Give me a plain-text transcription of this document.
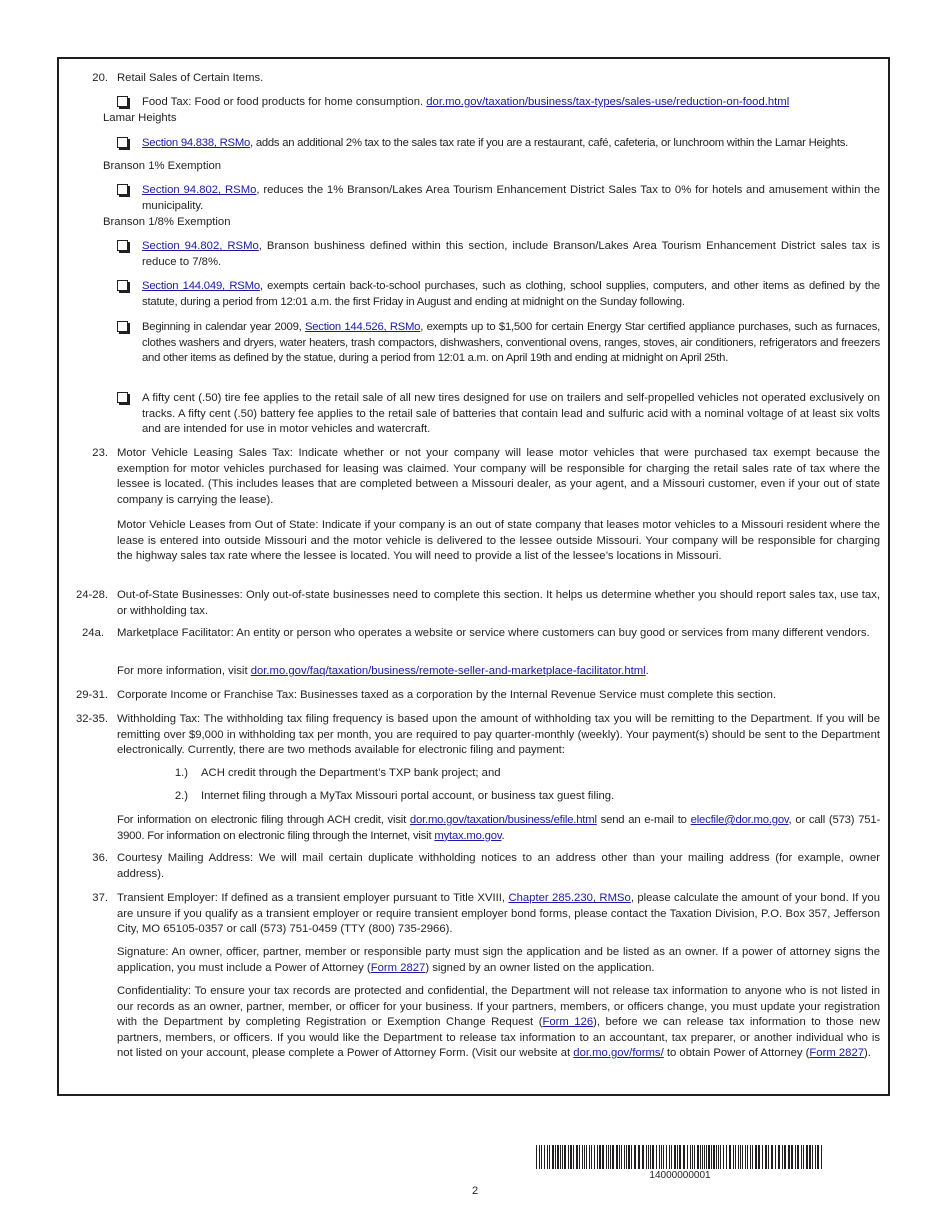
20. Retail Sales of Certain Items.
Food Tax: Food or food products for home consumption. dor.mo.gov/taxation/business/tax-types/sales-use/reduction-on-food.html
Lamar Heights
Section 94.838, RSMo, adds an additional 2% tax to the sales tax rate if you are a restaurant, café, cafeteria, or lunchroom within the Lamar Heights.
Branson 1% Exemption
Section 94.802, RSMo, reduces the 1% Branson/Lakes Area Tourism Enhancement District Sales Tax to 0% for hotels and amusement within the municipality.
Branson 1/8% Exemption
Section 94.802, RSMo, Branson bushiness defined within this section, include Branson/Lakes Area Tourism Enhancement District sales tax is reduce to 7/8%.
Section 144.049, RSMo, exempts certain back-to-school purchases, such as clothing, school supplies, computers, and other items as defined by the statute, during a period from 12:01 a.m. the first Friday in August and ending at midnight on the Sunday following.
Beginning in calendar year 2009, Section 144.526, RSMo, exempts up to $1,500 for certain Energy Star certified appliance purchases, such as furnaces, clothes washers and dryers, water heaters, trash compactors, dishwashers, conventional ovens, ranges, stoves, air conditioners, refrigerators and freezers and other items as defined by the statue, during a period from 12:01 a.m. on April 19th and ending at midnight on April 25th.
A fifty cent (.50) tire fee applies to the retail sale of all new tires designed for use on trailers and self-propelled vehicles not operated exclusively on tracks. A fifty cent (.50) battery fee applies to the retail sale of batteries that contain lead and sulfuric acid with a nominal voltage of at least six volts and are intended for use in motor vehicles and watercraft.
23. Motor Vehicle Leasing Sales Tax: Indicate whether or not your company will lease motor vehicles that were purchased tax exempt because the exemption for motor vehicles purchased for leasing was claimed. Your company will be responsible for charging the retail sales rate of tax where the lessee is located. (This includes leases that are completed between a Missouri dealer, as your agent, and a Missouri customer, even if your out of state company is carrying the lease).
Motor Vehicle Leases from Out of State: Indicate if your company is an out of state company that leases motor vehicles to a Missouri resident where the lease is entered into outside Missouri and the motor vehicle is delivered to the lessee outside Missouri. Your company will be responsible for charging the highway sales tax rate where the lessee is located. You will need to provide a list of the lessee’s locations in Missouri.
24-28. Out-of-State Businesses: Only out-of-state businesses need to complete this section. It helps us determine whether you should report sales tax, use tax, or withholding tax.
24a. Marketplace Facilitator: An entity or person who operates a website or service where customers can buy good or services from many different vendors.
For more information, visit dor.mo.gov/faq/taxation/business/remote-seller-and-marketplace-facilitator.html.
29-31. Corporate Income or Franchise Tax: Businesses taxed as a corporation by the Internal Revenue Service must complete this section.
32-35. Withholding Tax: The withholding tax filing frequency is based upon the amount of withholding tax you will be remitting to the Department. If you will be remitting over $9,000 in withholding tax per month, you are required to pay quarter-monthly (weekly). Your payment(s) should be sent to the Department electronically. Currently, there are two methods available for electronic filing and payment:
1.) ACH credit through the Department’s TXP bank project; and
2.) Internet filing through a MyTax Missouri portal account, or business tax guest filing.
For information on electronic filing through ACH credit, visit dor.mo.gov/taxation/business/efile.html send an e-mail to elecfile@dor.mo.gov, or call (573) 751-3900. For information on electronic filing through the Internet, visit mytax.mo.gov.
36. Courtesy Mailing Address: We will mail certain duplicate withholding notices to an address other than your mailing address (for example, owner address).
37. Transient Employer: If defined as a transient employer pursuant to Title XVIII, Chapter 285.230, RMSo, please calculate the amount of your bond. If you are unsure if you qualify as a transient employer or require transient employer bond forms, please contact the Taxation Division, P.O. Box 357, Jefferson City, MO 65105-0357 or call (573) 751-0459 (TTY (800) 735-2966).
Signature: An owner, officer, partner, member or responsible party must sign the application and be listed as an owner. If a power of attorney signs the application, you must include a Power of Attorney (Form 2827) signed by an owner listed on the application.
Confidentiality: To ensure your tax records are protected and confidential, the Department will not release tax information to anyone who is not listed in our records as an owner, partner, member, or officer for your business. If your partners, members, or officers change, you must update your registration with the Department by completing Registration or Exemption Change Request (Form 126), before we can release tax information to those new partners, members, or officers. If you would like the Department to release tax information to an accountant, tax preparer, or another individual who is not listed on your account, please complete a Power of Attorney Form. (Visit our website at dor.mo.gov/forms/ to obtain Power of Attorney (Form 2827).
14000000001
2
